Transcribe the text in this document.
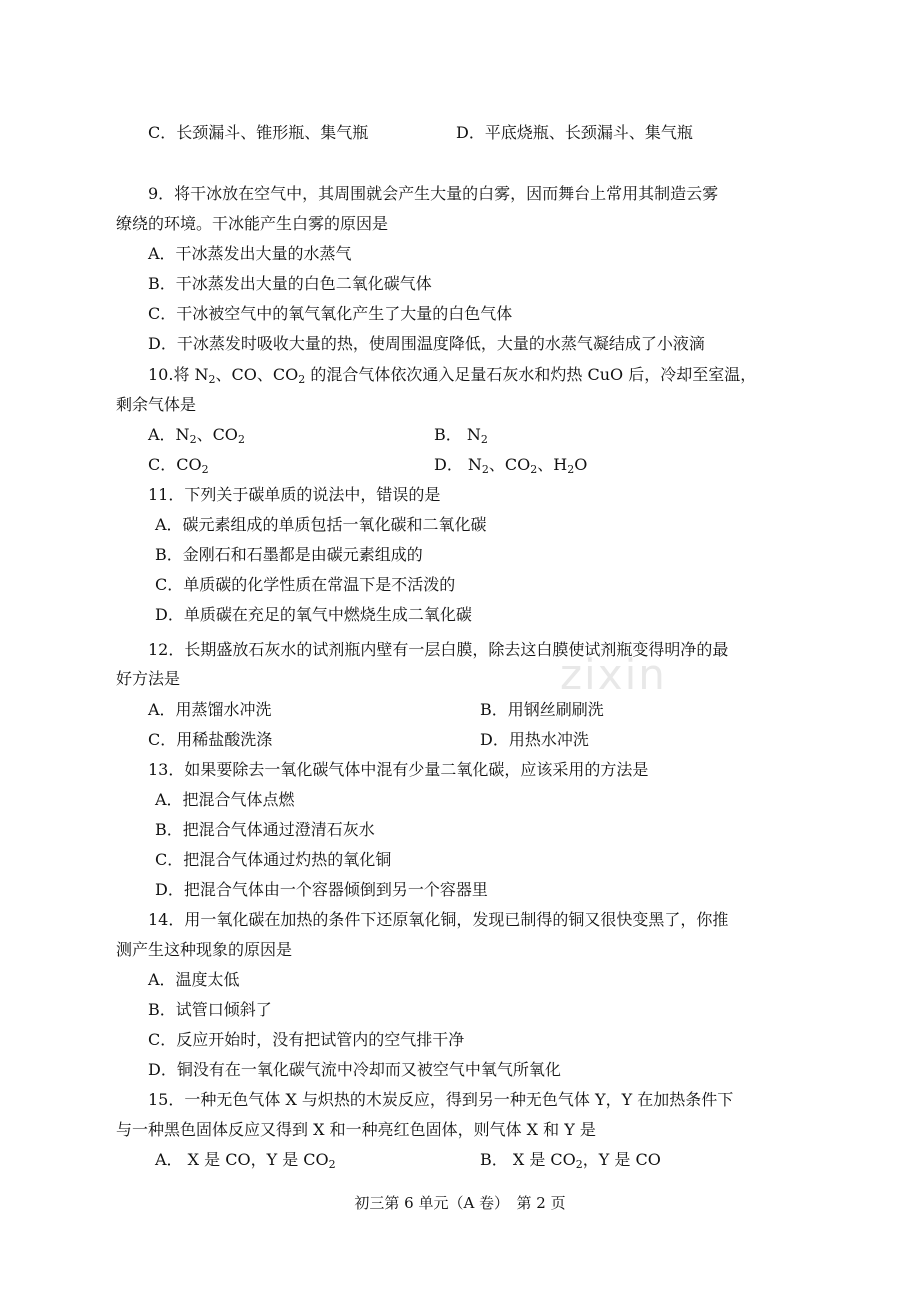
C．长颈漏斗、锥形瓶、集气瓶	D．平底烧瓶、长颈漏斗、集气瓶
9．将干冰放在空气中，其周围就会产生大量的白雾，因而舞台上常用其制造云雾
缭绕的环境。干冰能产生白雾的原因是
A．干冰蒸发出大量的水蒸气
B．干冰蒸发出大量的白色二氧化碳气体
C．干冰被空气中的氧气氧化产生了大量的白色气体
D．干冰蒸发时吸收大量的热，使周围温度降低，大量的水蒸气凝结成了小液滴
10.将 $N_2$、CO、$CO_2$ 的混合气体依次通入足量石灰水和灼热 CuO 后，冷却至室温，
剩余气体是
A．$N_2$、$CO_2$	B． $N_2$
C．$CO_2$	D． $N_2$、$CO_2$、$H_2O$
11．下列关于碳单质的说法中，错误的是
A．碳元素组成的单质包括一氧化碳和二氧化碳
B．金刚石和石墨都是由碳元素组成的
C．单质碳的化学性质在常温下是不活泼的
D．单质碳在充足的氧气中燃烧生成二氧化碳
zixin
12．长期盛放石灰水的试剂瓶内壁有一层白膜，除去这白膜使试剂瓶变得明净的最
好方法是
A．用蒸馏水冲洗	B．用钢丝刷刷洗
C．用稀盐酸洗涤	D．用热水冲洗
13．如果要除去一氧化碳气体中混有少量二氧化碳，应该采用的方法是
A．把混合气体点燃
B．把混合气体通过澄清石灰水
C．把混合气体通过灼热的氧化铜
D．把混合气体由一个容器倾倒到另一个容器里
14．用一氧化碳在加热的条件下还原氧化铜，发现已制得的铜又很快变黑了，你推
测产生这种现象的原因是
A．温度太低
B．试管口倾斜了
C．反应开始时，没有把试管内的空气排干净
D．铜没有在一氧化碳气流中冷却而又被空气中氧气所氧化
15．一种无色气体 X 与炽热的木炭反应，得到另一种无色气体 Y，Y 在加热条件下
与一种黑色固体反应又得到 X 和一种亮红色固体，则气体 X 和 Y 是
A． X 是 CO，Y 是 $CO_2$	B． X 是 $CO_2$，Y 是 CO
初三第 6 单元（A 卷）　第 2 页
